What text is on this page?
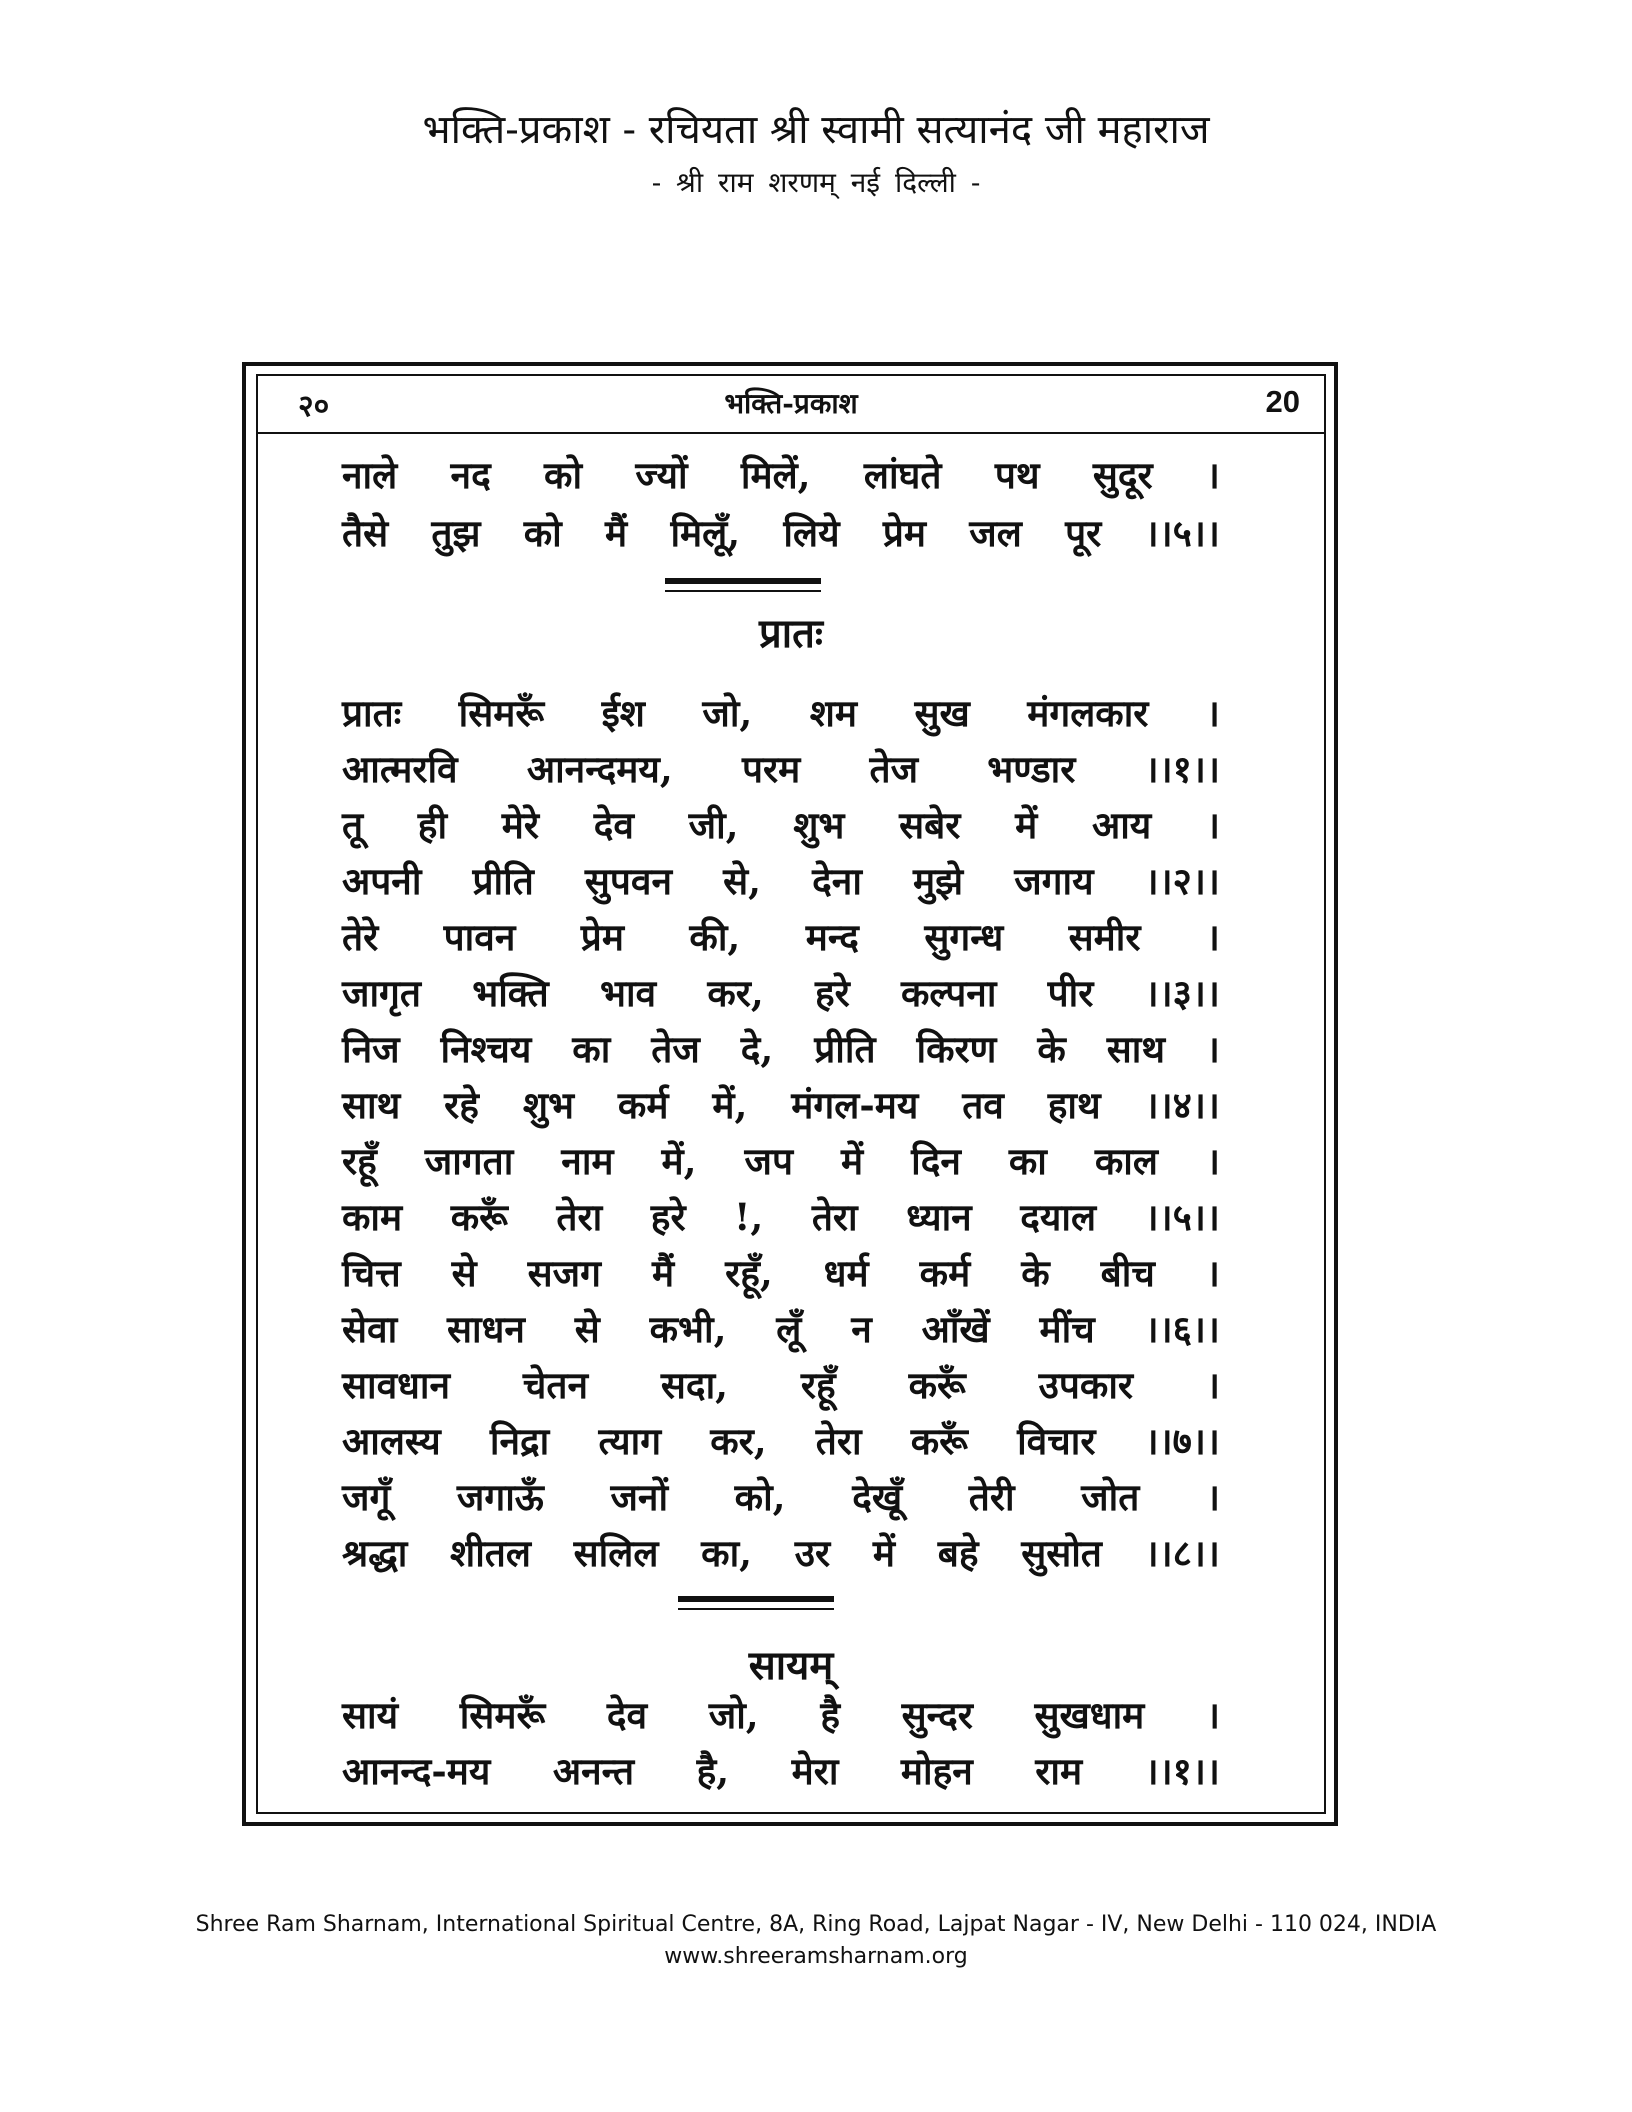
भक्ति-प्रकाश - रचियता श्री स्वामी सत्यानंद जी महाराज
- श्री राम शरणम् नई दिल्ली -
२०	भक्ति-प्रकाश	20
नाले नद को ज्यों मिलें, लांघते पथ सुदूर ।
तैसे तुझ को मैं मिलूँ, लिये प्रेम जल पूर ।।५।।
प्रातः सिमरूँ ईश जो, शम सुख मंगलकार ।
आत्मरवि आनन्दमय, परम तेज भण्डार ।।१।।
तू ही मेरे देव जी, शुभ सबेर में आय ।
अपनी प्रीति सुपवन से, देना मुझे जगाय ।।२।।
तेरे पावन प्रेम की, मन्द सुगन्ध समीर ।
जागृत भक्ति भाव कर, हरे कल्पना पीर ।।३।।
निज निश्चय का तेज दे, प्रीति किरण के साथ ।
साथ रहे शुभ कर्म में, मंगल-मय तव हाथ ।।४।।
रहूँ जागता नाम में, जप में दिन का काल ।
काम करूँ तेरा हरे !, तेरा ध्यान दयाल ।।५।।
चित्त से सजग मैं रहूँ, धर्म कर्म के बीच ।
सेवा साधन से कभी, लूँ न आँखें मींच ।।६।।
सावधान चेतन सदा, रहूँ करूँ उपकार ।
आलस्य निद्रा त्याग कर, तेरा करूँ विचार ।।७।।
जगूँ जगाऊँ जनों को, देखूँ तेरी जोत ।
श्रद्धा शीतल सलिल का, उर में बहे सुसोत ।।८।।
सायं सिमरूँ देव जो, है सुन्दर सुखधाम ।
आनन्द-मय अनन्त है, मेरा मोहन राम ।।१।।
प्रातः
सायम्
Shree Ram Sharnam, International Spiritual Centre, 8A, Ring Road, Lajpat Nagar - IV, New Delhi - 110 024, INDIA
www.shreeramsharnam.org
